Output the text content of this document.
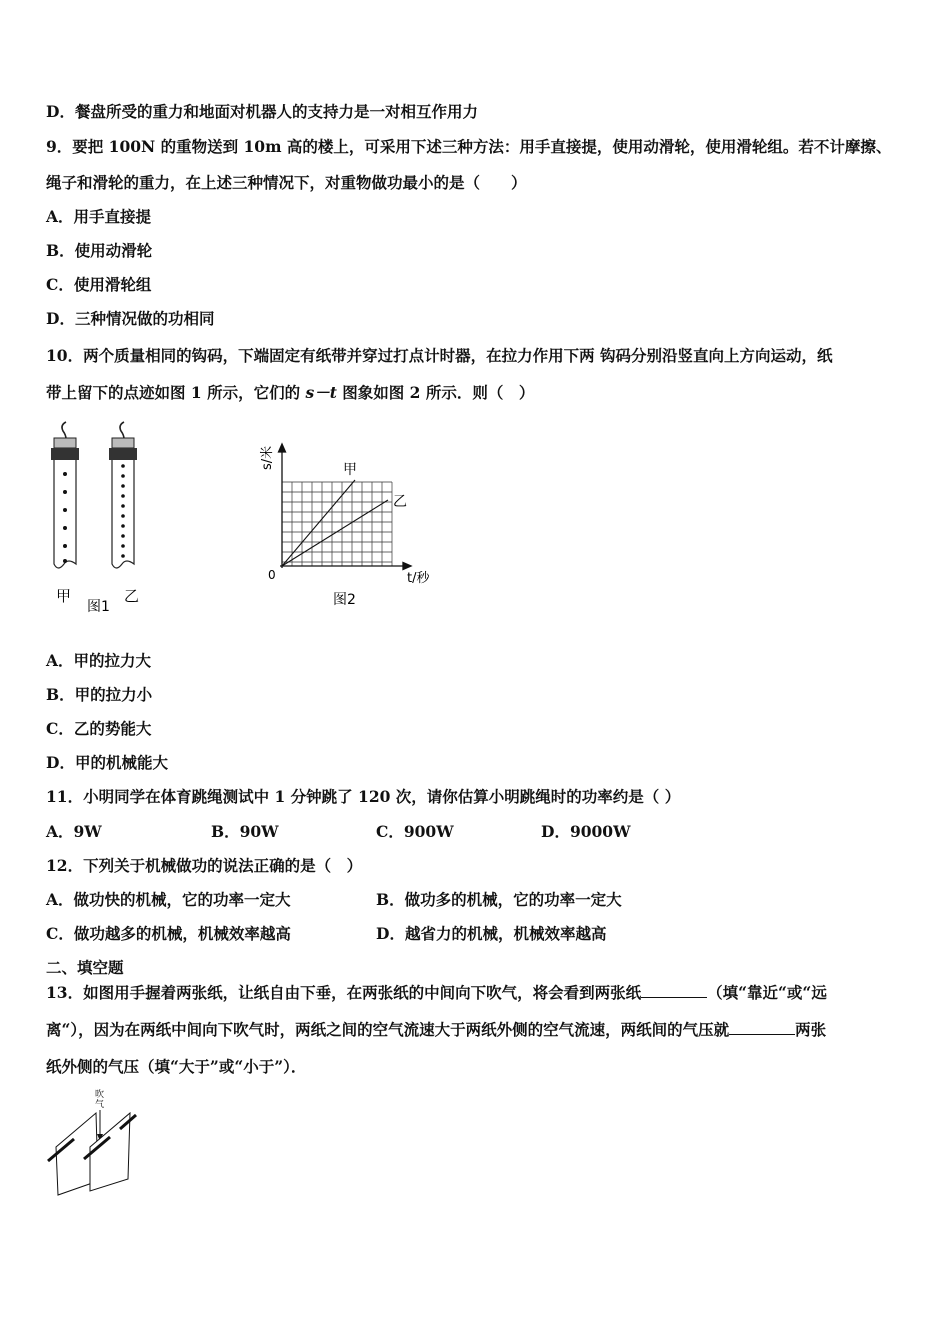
D．餐盘所受的重力和地面对机器人的支持力是一对相互作用力
9．要把 100N 的重物送到 10m 高的楼上，可采用下述三种方法：用手直接提，使用动滑轮，使用滑轮组。若不计摩擦、
绳子和滑轮的重力，在上述三种情况下，对重物做功最小的是（　　）
A．用手直接提
B．使用动滑轮
C．使用滑轮组
D．三种情况做的功相同
10．两个质量相同的钩码，下端固定有纸带并穿过打点计时器，在拉力作用下两 钩码分别沿竖直向上方向运动，纸
带上留下的点迹如图 1 所示，它们的 s－t 图象如图 2 所示．则（　）
甲
图1
乙
s/米	甲
乙
0	t/秒
图2
A．甲的拉力大
B．甲的拉力小
C．乙的势能大
D．甲的机械能大
11．小明同学在体育跳绳测试中 1 分钟跳了 120 次，请你估算小明跳绳时的功率约是（ ）
A．9W	B．90W	C．900W	D．9000W
12．下列关于机械做功的说法正确的是（　）
A．做功快的机械，它的功率一定大	B．做功多的机械，它的功率一定大
C．做功越多的机械，机械效率越高	D．越省力的机械，机械效率越高
二、填空题
13．如图用手握着两张纸，让纸自由下垂，在两张纸的中间向下吹气，将会看到两张纸	（填“靠近“或“远
离“），因为在两纸中间向下吹气时，两纸之间的空气流速大于两纸外侧的空气流速，两纸间的气压就	两张
纸外侧的气压（填“大于”或“小于”）．
吹
气
